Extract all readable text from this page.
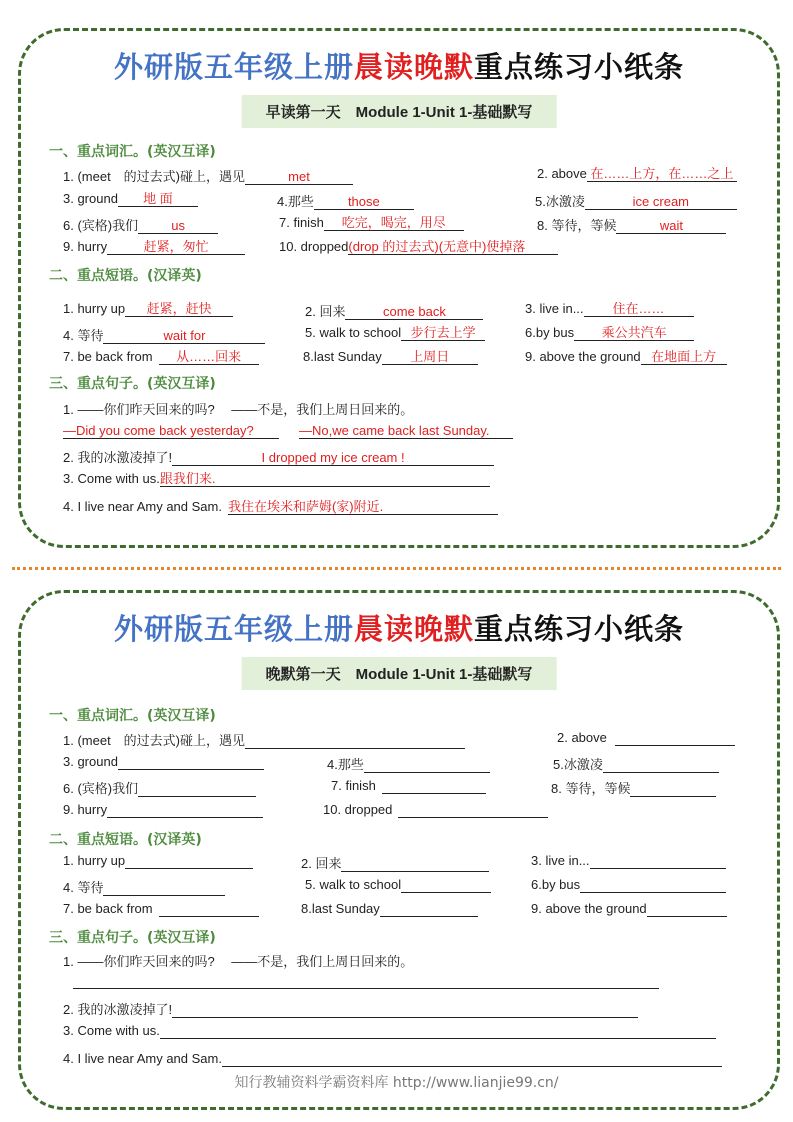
外研版五年级上册晨读晚默重点练习小纸条
早读第一天　Module 1-Unit 1-基础默写
一、重点词汇。(英汉互译)
1. (meet　的过去式)碰上，遇见	met	2. above 在……上方，在……之上
3. ground 地 面	4.那些	those	5.冰激凌	ice cream
6. (宾格)我们	us	7. finish 吃完，喝完，用尽	8. 等待，等候	wait
9. hurry	赶紧，匆忙	10. dropped(drop 的过去式)(无意中)使掉落
二、重点短语。(汉译英)
1. hurry up 赶紧，赶快	2. 回来	come back	3. live in... 住在……
4. 等待	wait for	5. walk to school 步行去上学	6.by bus 乘公共汽车
7. be back from 从……回来	8.last Sunday 上周日	9. above the ground 在地面上方
三、重点句子。(英汉互译)
1. ——你们昨天回来的吗?　 ——不是，我们上周日回来的。
—Did you come back yesterday?	—No,we came back last Sunday.
2. 我的冰激凌掉了!	I dropped my ice cream !
3. Come with us.跟我们来.
4. I live near Amy and Sam. 我住在埃米和萨姆(家)附近.
外研版五年级上册晨读晚默重点练习小纸条
晚默第一天　Module 1-Unit 1-基础默写
一、重点词汇。(英汉互译)
1. (meet　的过去式)碰上，遇见	2. above
3. ground	4.那些	5.冰激凌
6. (宾格)我们	7. finish	8. 等待，等候
9. hurry	10. dropped
二、重点短语。(汉译英)
1. hurry up	2. 回来	3. live in...
4. 等待	5. walk to school	6.by bus
7. be back from	8.last Sunday	9. above the ground
三、重点句子。(英汉互译)
1. ——你们昨天回来的吗?　 ——不是，我们上周日回来的。

2. 我的冰激凌掉了!
3. Come with us.
4. I live near Amy and Sam.
知行教辅资料学霸资料库 http://www.lianjie99.cn/
